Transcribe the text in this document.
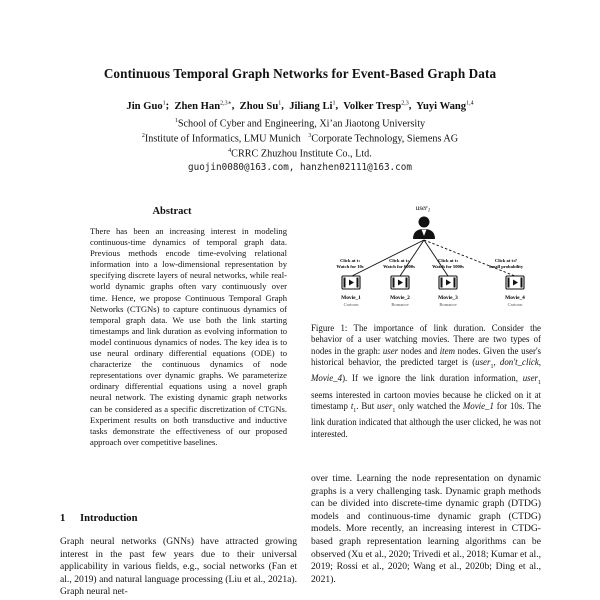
Continuous Temporal Graph Networks for Event-Based Graph Data
Jin Guo$^1$;  Zhen Han$^{2,3∗}$,  Zhou Su$^1$,  Jiliang Li$^1$,  Volker Tresp$^{2,3}$,  Yuyi Wang$^{1,4}$
$^1$School of Cyber and Engineering, Xi’an Jiaotong University
$^2$Institute of Informatics, LMU Munich $^3$Corporate Technology, Siemens AG
$^4$CRRC Zhuzhou Institute Co., Ltd.
guojin0080@163.com, hanzhen02111@163.com
Abstract
There has been an increasing interest in modeling continuous-time dynamics of temporal graph data. Previous methods encode time-evolving relational information into a low-dimensional representation by specifying discrete layers of neural networks, while real-world dynamic graphs often vary continuously over time. Hence, we propose Continuous Temporal Graph Networks (CTGNs) to capture continuous dynamics of temporal graph data. We use both the link starting timestamps and link duration as evolving information to model continuous dynamics of nodes. The key idea is to use neural ordinary differential equations (ODE) to characterize the continuous dynamics of node representations over dynamic graphs. We parameterize ordinary differential equations using a novel graph neural network. The existing dynamic graph networks can be considered as a specific discretization of CTGNs. Experiment results on both transductive and inductive tasks demonstrate the effectiveness of our proposed approach over competitive baselines.
1 Introduction
Graph neural networks (GNNs) have attracted growing interest in the past few years due to their universal applicability in various fields, e.g., social networks (Fan et al., 2019) and natural language processing (Liu et al., 2021a). Graph neural net-
user$_1$
Click at t1
Watch for 10s
Click at t2
Watch for 6000s
Click at t3
Watch for 5000s
Click at t4?
Small probability
Movie_1
Cartoon
Movie_2
Romance
Movie_3
Romance
Movie_4
Cartoon
Figure 1: The importance of link duration. Consider the behavior of a user watching movies. There are two types of nodes in the graph: user nodes and item nodes. Given the user's historical behavior, the predicted target is (user$_1$, don't_click, Movie_4). If we ignore the link duration information, user$_1$ seems interested in cartoon movies because he clicked on it at timestamp $t_1$. But user$_1$ only watched the Movie_1 for 10s. The link duration indicated that although the user clicked, he was not interested.
over time. Learning the node representation on dynamic graphs is a very challenging task. Dynamic graph methods can be divided into discrete-time dynamic graph (DTDG) models and continuous-time dynamic graph (CTDG) models. More recently, an increasing interest in CTDG-based graph representation learning algorithms can be observed (Xu et al., 2020; Trivedi et al., 2018; Kumar et al., 2019; Rossi et al., 2020; Wang et al., 2020b; Ding et al., 2021).
